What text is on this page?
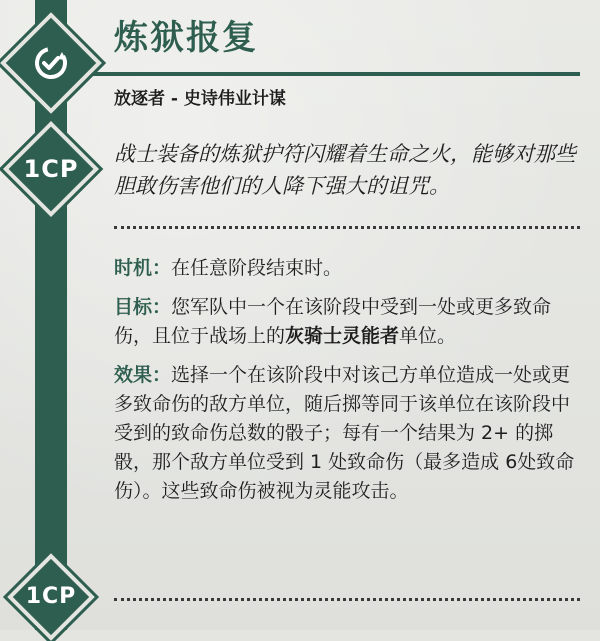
炼狱报复
放逐者 - 史诗伟业计谋
1CP
战士装备的炼狱护符闪耀着生命之火，能够对那些胆敢伤害他们的人降下强大的诅咒。

时机：在任意阶段结束时。

目标：您军队中一个在该阶段中受到一处或更多致命伤，且位于战场上的灰骑士灵能者单位。

效果：选择一个在该阶段中对该己方单位造成一处或更多致命伤的敌方单位，随后掷等同于该单位在该阶段中受到的致命伤总数的骰子；每有一个结果为 2+ 的掷骰，那个敌方单位受到 1 处致命伤（最多造成 6处致命伤）。这些致命伤被视为灵能攻击。

1CP
